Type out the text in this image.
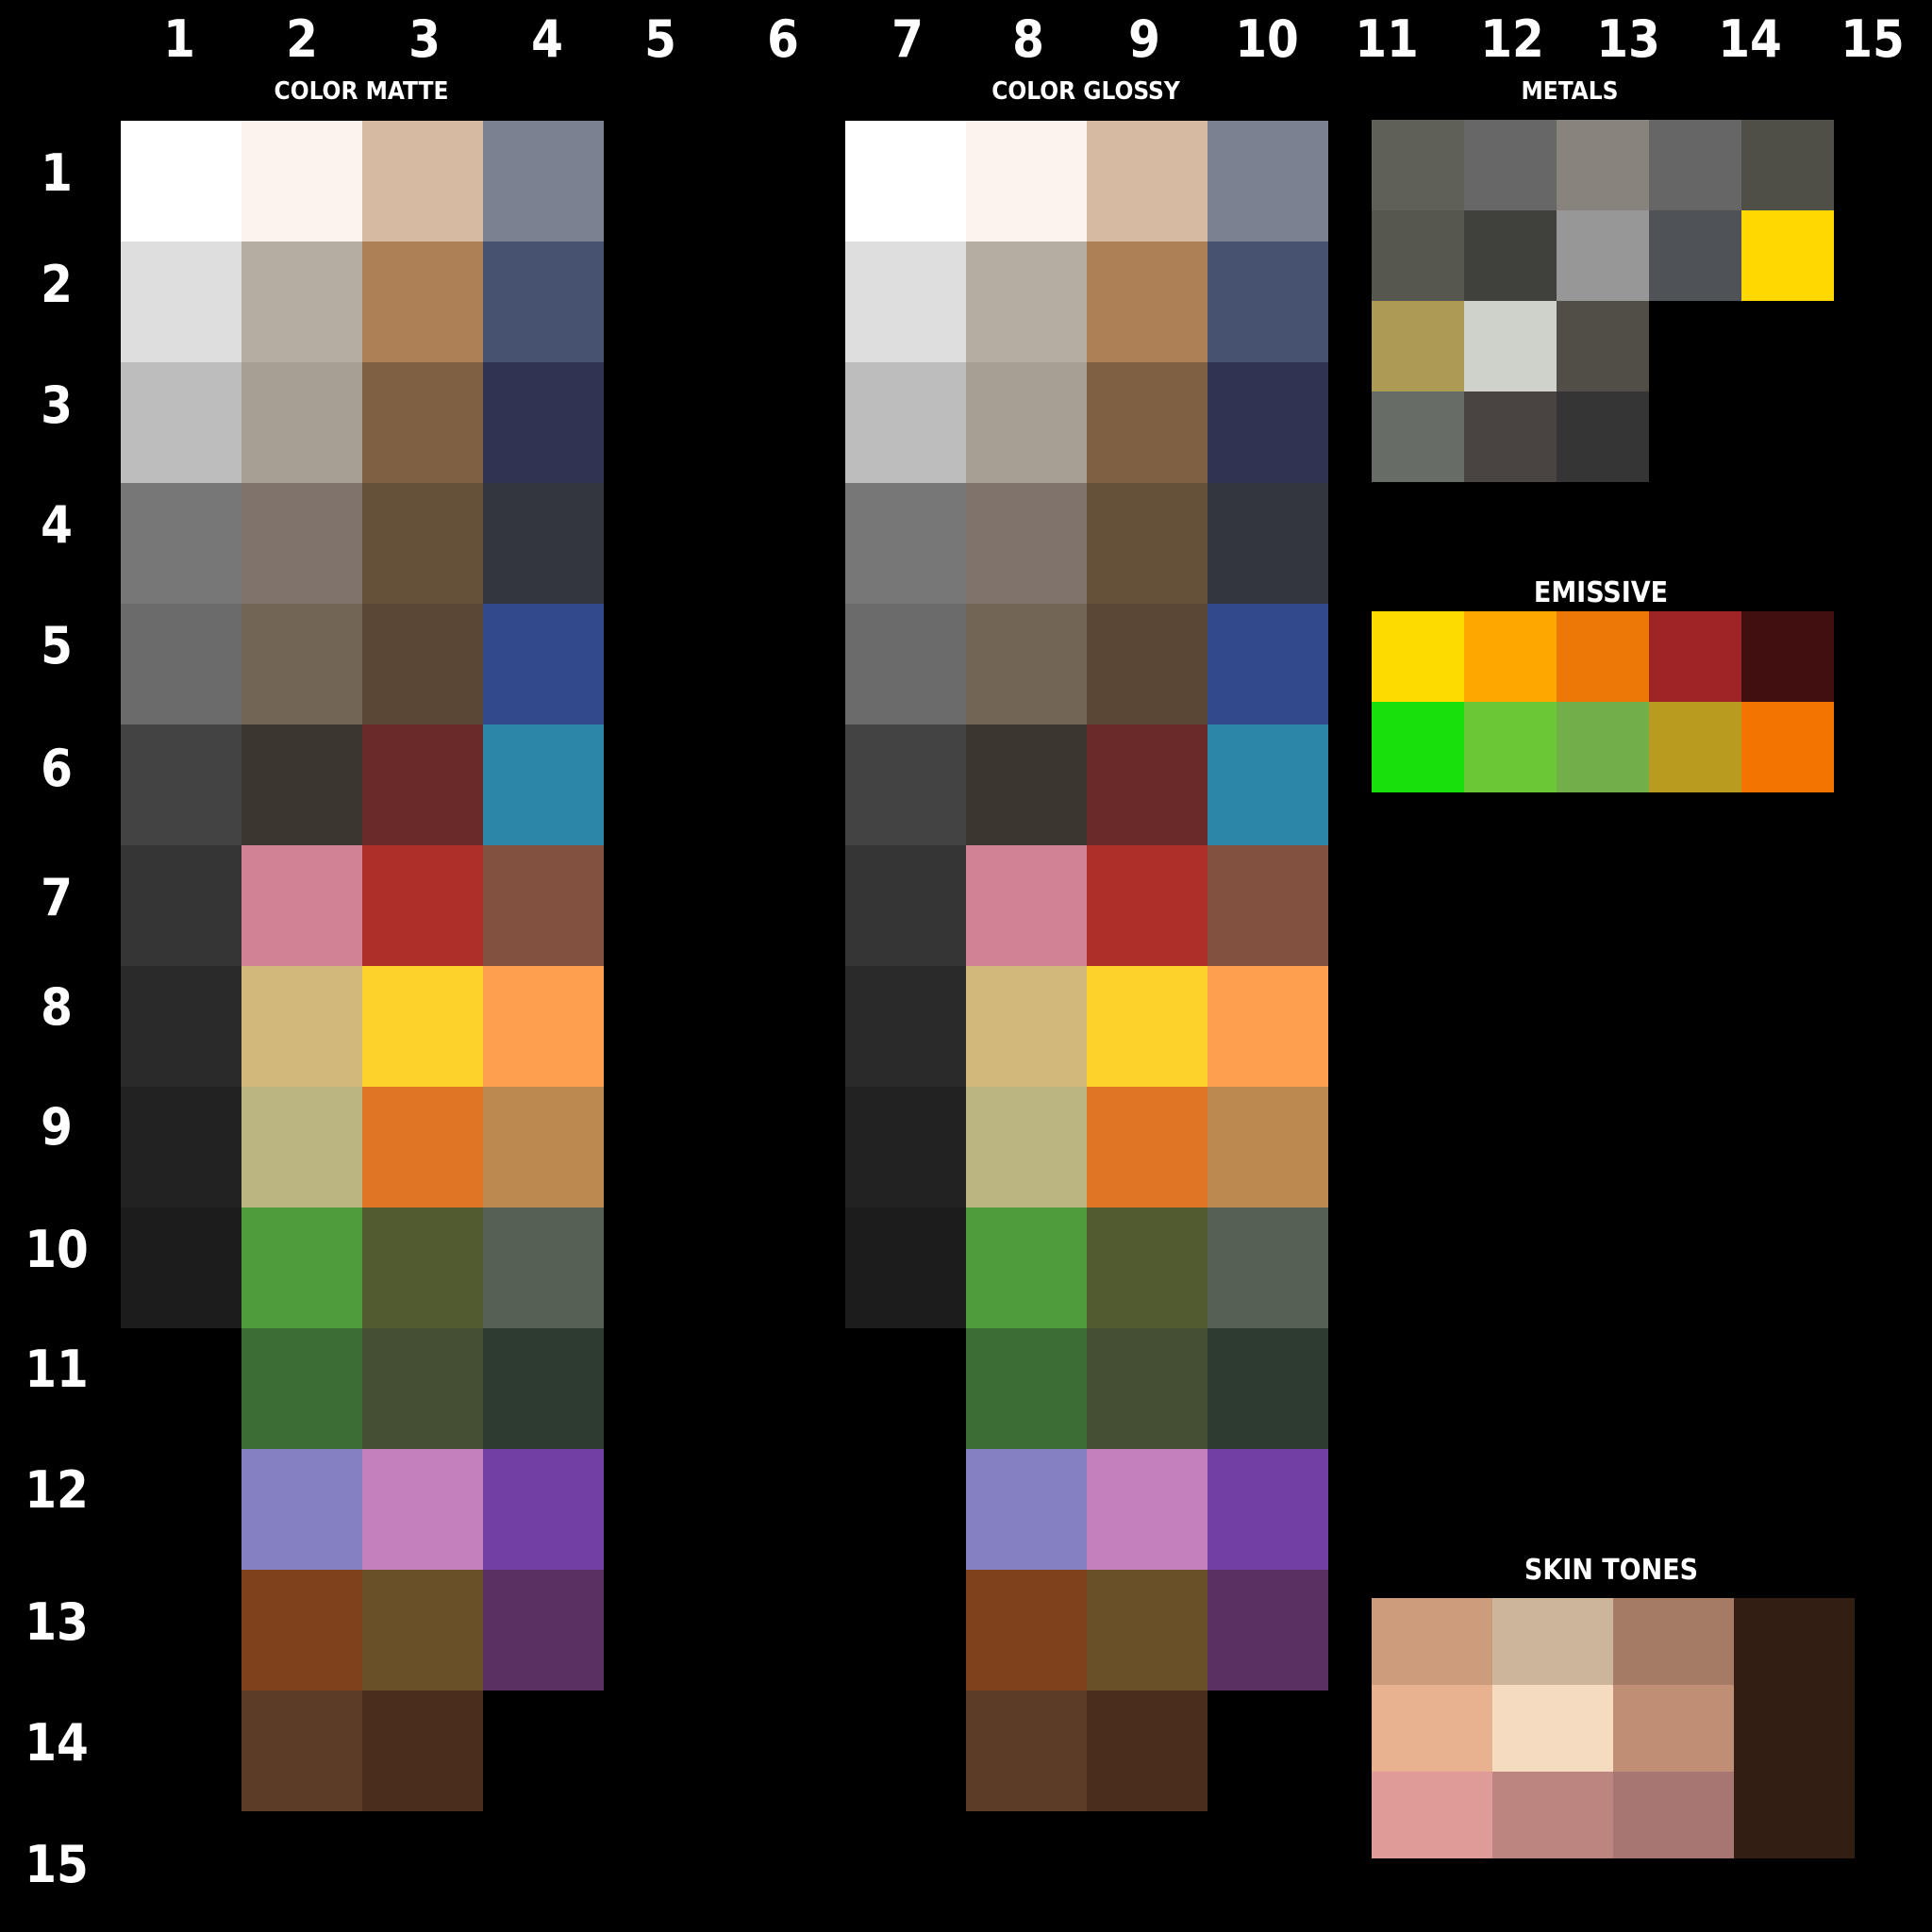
1 2 3 4 5 6 7 8 9 10 11 12 13 14 15
1
2
3
4
5
6
7
8
9
10
11
12
13
14
15
COLOR MATTE	COLOR GLOSSY	METALS
EMISSIVE
SKIN TONES
